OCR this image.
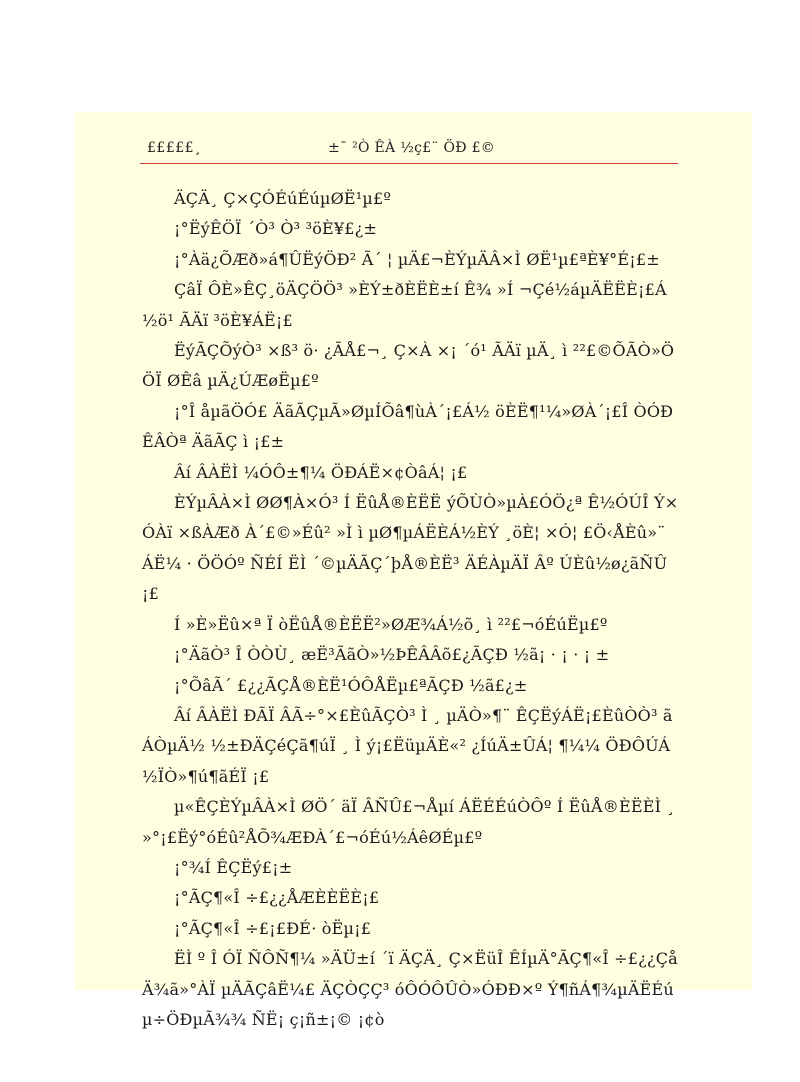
£££££¸	±¯ ²Ò ÊÀ ½ç£¨ ÖÐ £©

ÄÇÄ¸ Ç×ÇÓÉúÉúµØË¹µ£º

¡°ËýÊÖÏ ´Ò³ Ò³ ³öÈ¥£¿±

¡°Àä¿ÕÆð»á¶ÛËýÖÐ² Ã´ ¦ µÄ£¬ÈÝµÄÂ×Ì ØË¹µ£ªÈ¥°É¡£±

ÇâÏ ÔÈ»ÊÇ¸öÄÇÖÖ³ »ÈÝ±ðÈËÈ±í Ê¾ »Í ¬Çé½áµÄËËÈ¡£Á½ö¹ ÃÄï ³öÈ¥ÁË¡£

ËýÃÇÕýÒ³ ×ß³ ö· ¿ÃÅ£¬¸ Ç×À ×¡ ´ó¹ ÃÄï µÄ¸ ì ²²£©ÕÃÒ»ÖÖÏ ØÊâ µÄ¿ÚÆøËµ£º

¡°Î åµãÖÓ£ ÄãÃÇµÃ»ØµÍÕâ¶ùÀ´¡£Á½ öÈË¶¹¼»ØÀ´¡£Î ÒÓÐÊÂÒª ÄãÃÇ ì ¡£±

Âí ÂÀËÌ ¼ÓÔ±¶¼ ÖÐÁË×¢ÒâÁ¦ ¡£

ÈÝµÂÀ×Ì ØØ¶À×Ó³ Í ËûÅ®ÈËË ýÕÙÒ»µÀ£ÓÖ¿ª Ê½ÓÚÎ Ý×ÓÀï ×ßÀÆð À´£©»Éû² »Ì ì µØ¶µÁËÈÁ½ÈÝ ¸öÈ¦ ×Ó¦ £Ö‹ÅÈû»¨ ÁË¼ · ÖÖÓº ÑÉÍ ËÌ ´©µÄÃÇ´þÅ®ÈË³ ÄÉÀµÄÏ Âº ÚÈû½ø¿ãÑÛ¡£

Í »È»Ëû×ª Ï òËûÅ®ÈËË²»ØÆ¾Á½õ¸ ì ²²£¬óÉúËµ£º

¡°ÄãÒ³ Î ÒÒÙ¸ æË³ÃãÒ»½ÞÊÂÂõ£¿ÃÇÐ ½ã¡ · ¡ · ¡ ±

¡°ÕâÃ´ £¿¿ÃÇÅ®ÈË¹ÓÔÅËµ£ªÃÇÐ ½ã£¿±

Âí ÂÀËÌ ÐÃÏ ÂÃ÷°×£ÈûÃÇÒ³ Ì ¸ µÄÒ»¶¨ ÊÇËýÁË¡£ÈûÒÒ³ ãÁÒµÄ½ ½±ÐÄÇéÇã¶úÏ ¸ Ì ý¡£ËüµÄÈ«² ¿ÍúÄ±ÛÁ¦ ¶¼¼ ÖÐÔÚÁ½ÏÒ»¶ú¶ãÉÏ ¡£

µ«ÊÇÈÝµÂÀ×Ì ØÖ´ äÏ ÂÑÛ£¬Åµí ÁËÉÉúÒÔº Í ËûÅ®ÈËÈÌ ¸ »°¡£Ëý°óÉû²ÅÕ¾ÆÐÀ´£¬óÉú½ÁêØÉµ£º

¡°¾Í ÊÇËý£¡±

¡°ÃÇ¶«Î ÷£¿¿ÅÆÈÈËÈ¡£

¡°ÃÇ¶«Î ÷£¡£ÐÉ· òËµ¡£

ËÌ º Î ÓÏ ÑÔÑ¶¼ »ÄÜ±í ´ï ÄÇÄ¸ Ç×ËüÎ ÊÍµÄ°ÃÇ¶«Î ÷£¿¿ÇåÄ¾ã»°ÀÏ µÄÃÇâË¼£ ÄÇÒÇÇ³ óÔÓÔÛÒ»ÓÐÐ×º Ý¶ñÁ¶¾µÄËÉúµ÷ÖÐµÃ¾¾ ÑË¡ ç¡ñ±¡© ¡¢ò
